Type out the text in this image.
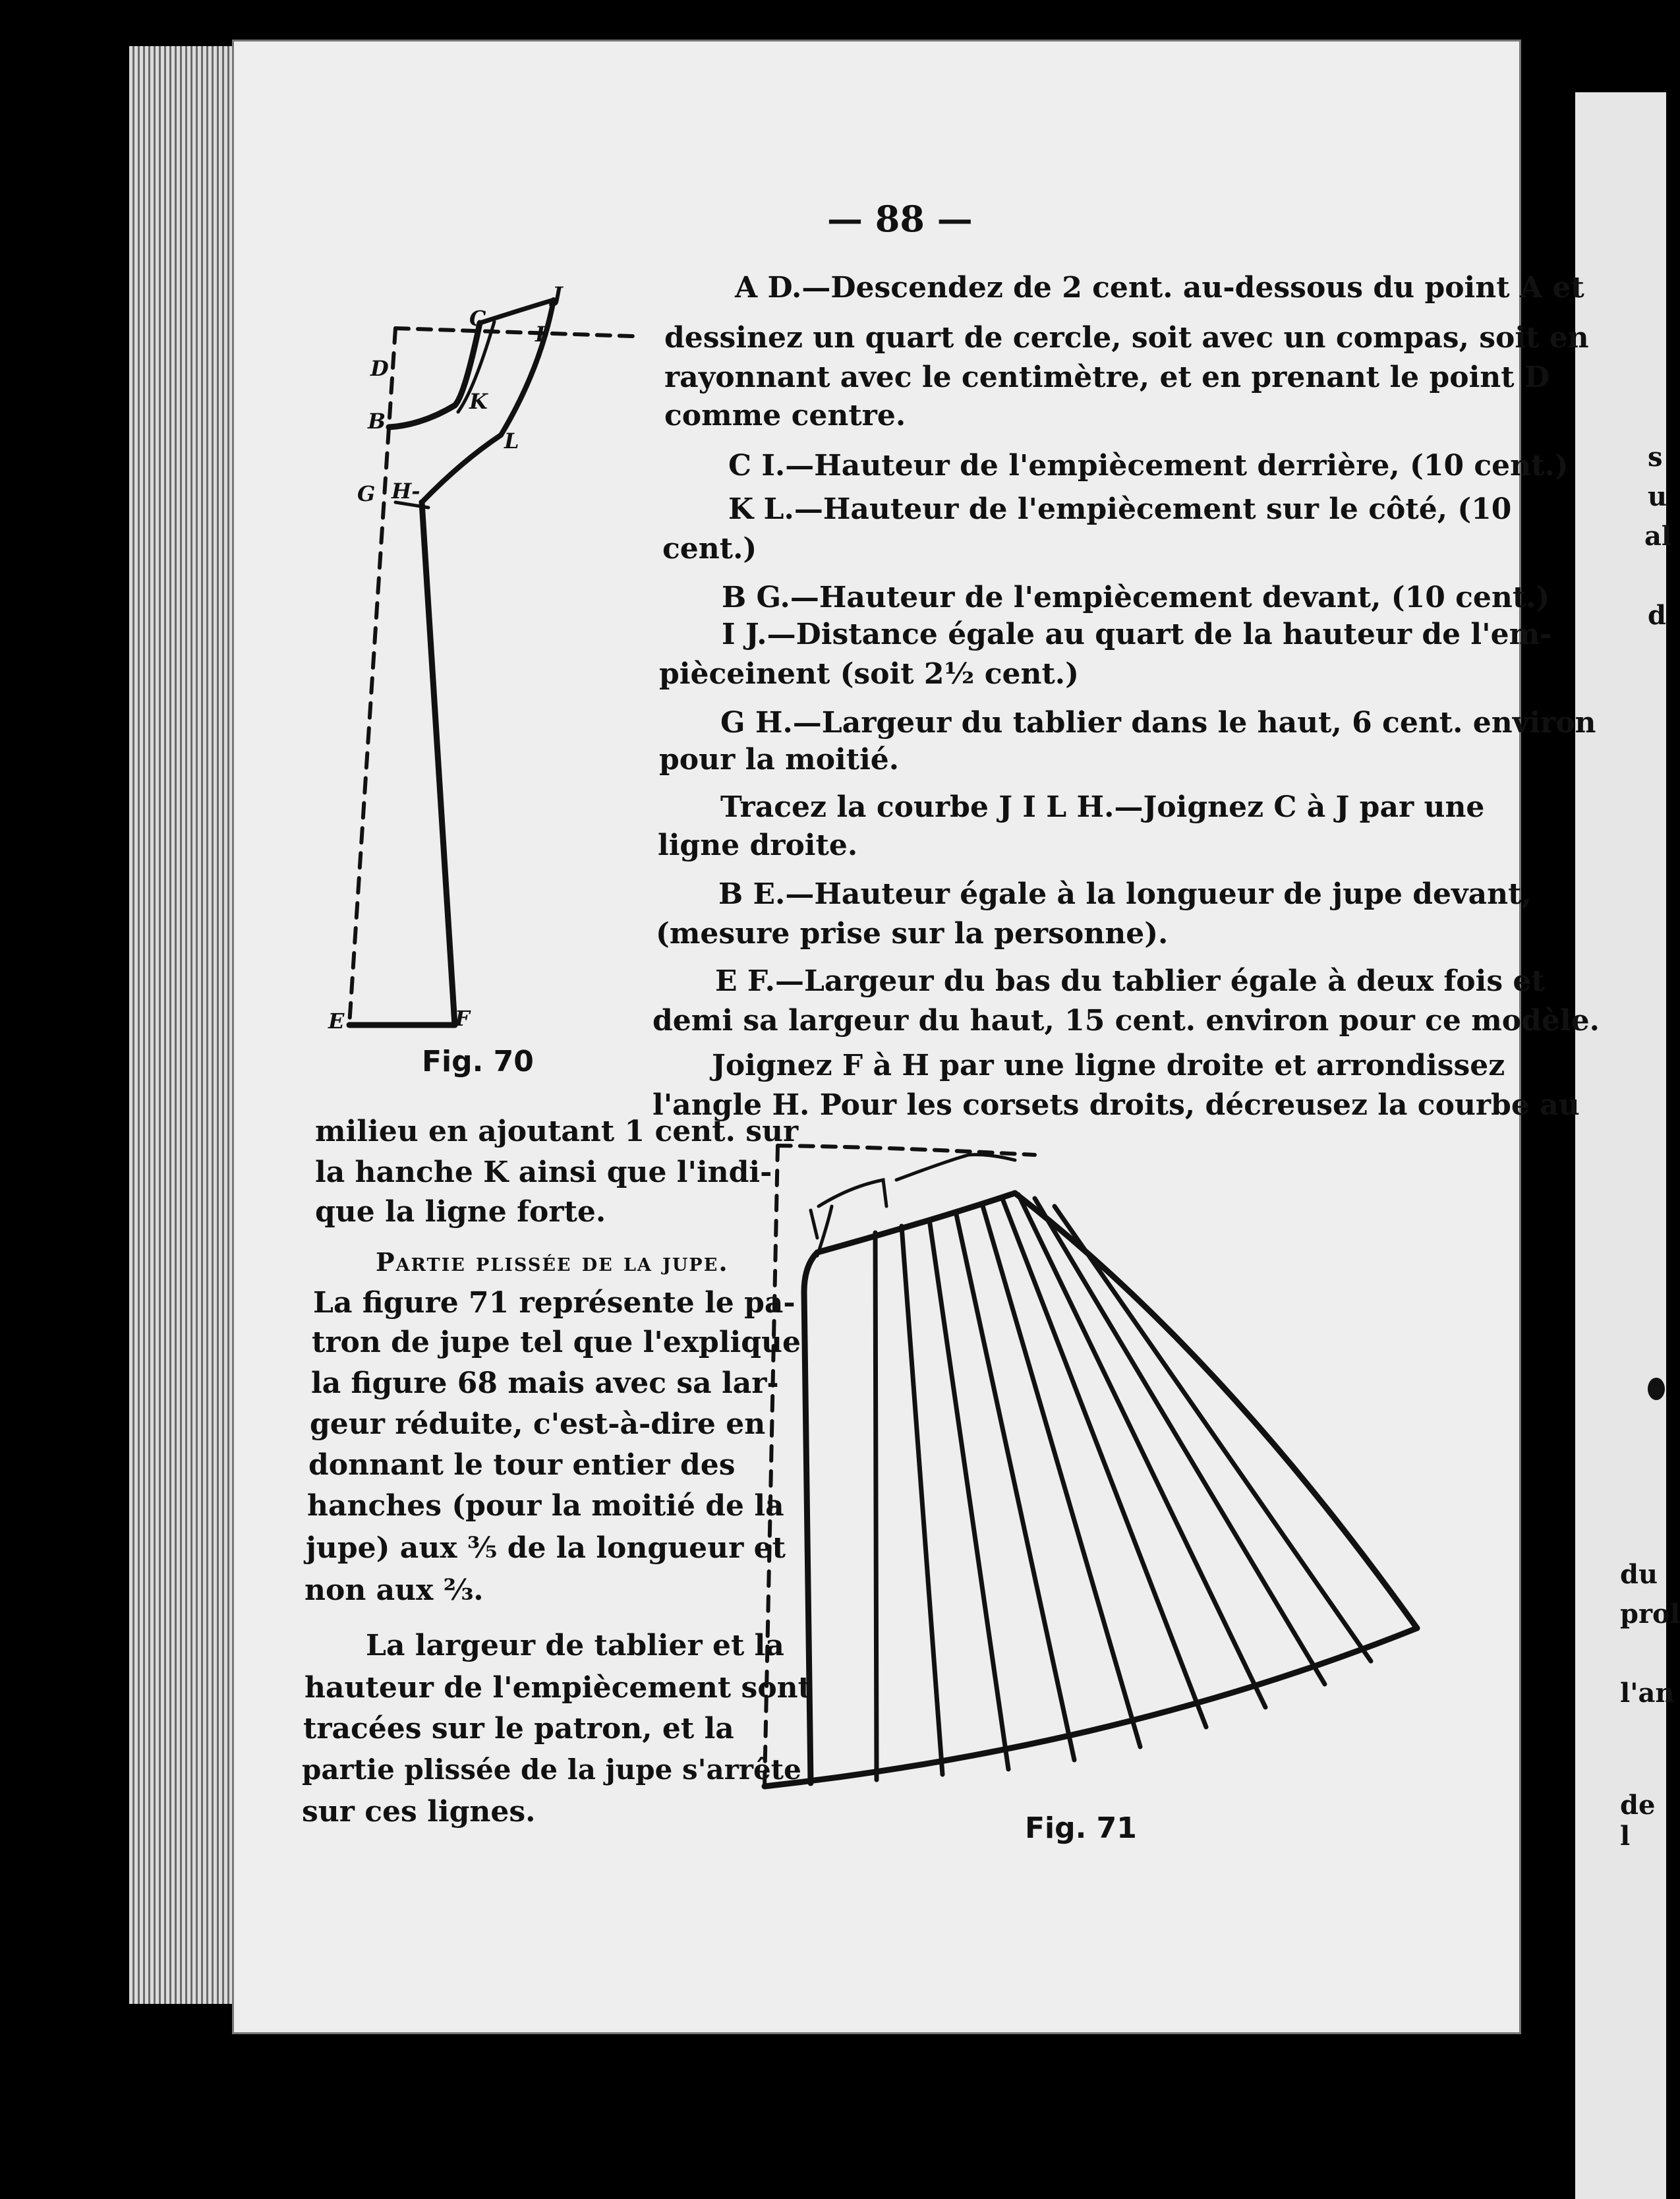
s
u
al
d
du
prol
l'an
de l
— 88 —
A D.—Descendez de 2 cent. au-dessous du point A et
dessinez un quart de cercle, soit avec un compas, soit en
rayonnant avec le centimètre, et en prenant le point D
comme centre.
C I.—Hauteur de l'empiècement derrière, (10 cent.)
K L.—Hauteur de l'empiècement sur le côté, (10
cent.)
B G.—Hauteur de l'empiècement devant, (10 cent.)
I J.—Distance égale au quart de la hauteur de l'em-
pièceinent (soit 2½ cent.)
G H.—Largeur du tablier dans le haut, 6 cent. environ
pour la moitié.
Tracez la courbe J I L H.—Joignez C à J par une
ligne droite.
B E.—Hauteur égale à la longueur de jupe devant,
(mesure prise sur la personne).
E F.—Largeur du bas du tablier égale à deux fois et
demi sa largeur du haut, 15 cent. environ pour ce modèle.
Joignez F à H par une ligne droite et arrondissez
l'angle H. Pour les corsets droits, décreusez la courbe au
milieu en ajoutant 1 cent. sur
la hanche K ainsi que l'indi-
que la ligne forte.
Partie plissée de la jupe.
La figure 71 représente le pa-
tron de jupe tel que l'explique
la figure 68 mais avec sa lar-
geur réduite, c'est-à-dire en
donnant le tour entier des
hanches (pour la moitié de la
jupe) aux ⅗ de la longueur et
non aux ⅔.
La largeur de tablier et la
hauteur de l'empiècement sont
tracées sur le patron, et la
partie plissée de la jupe s'arrête
sur ces lignes.
C
J
D
I
B
K
L
G H-
E	F
Fig. 70
Fig. 71
